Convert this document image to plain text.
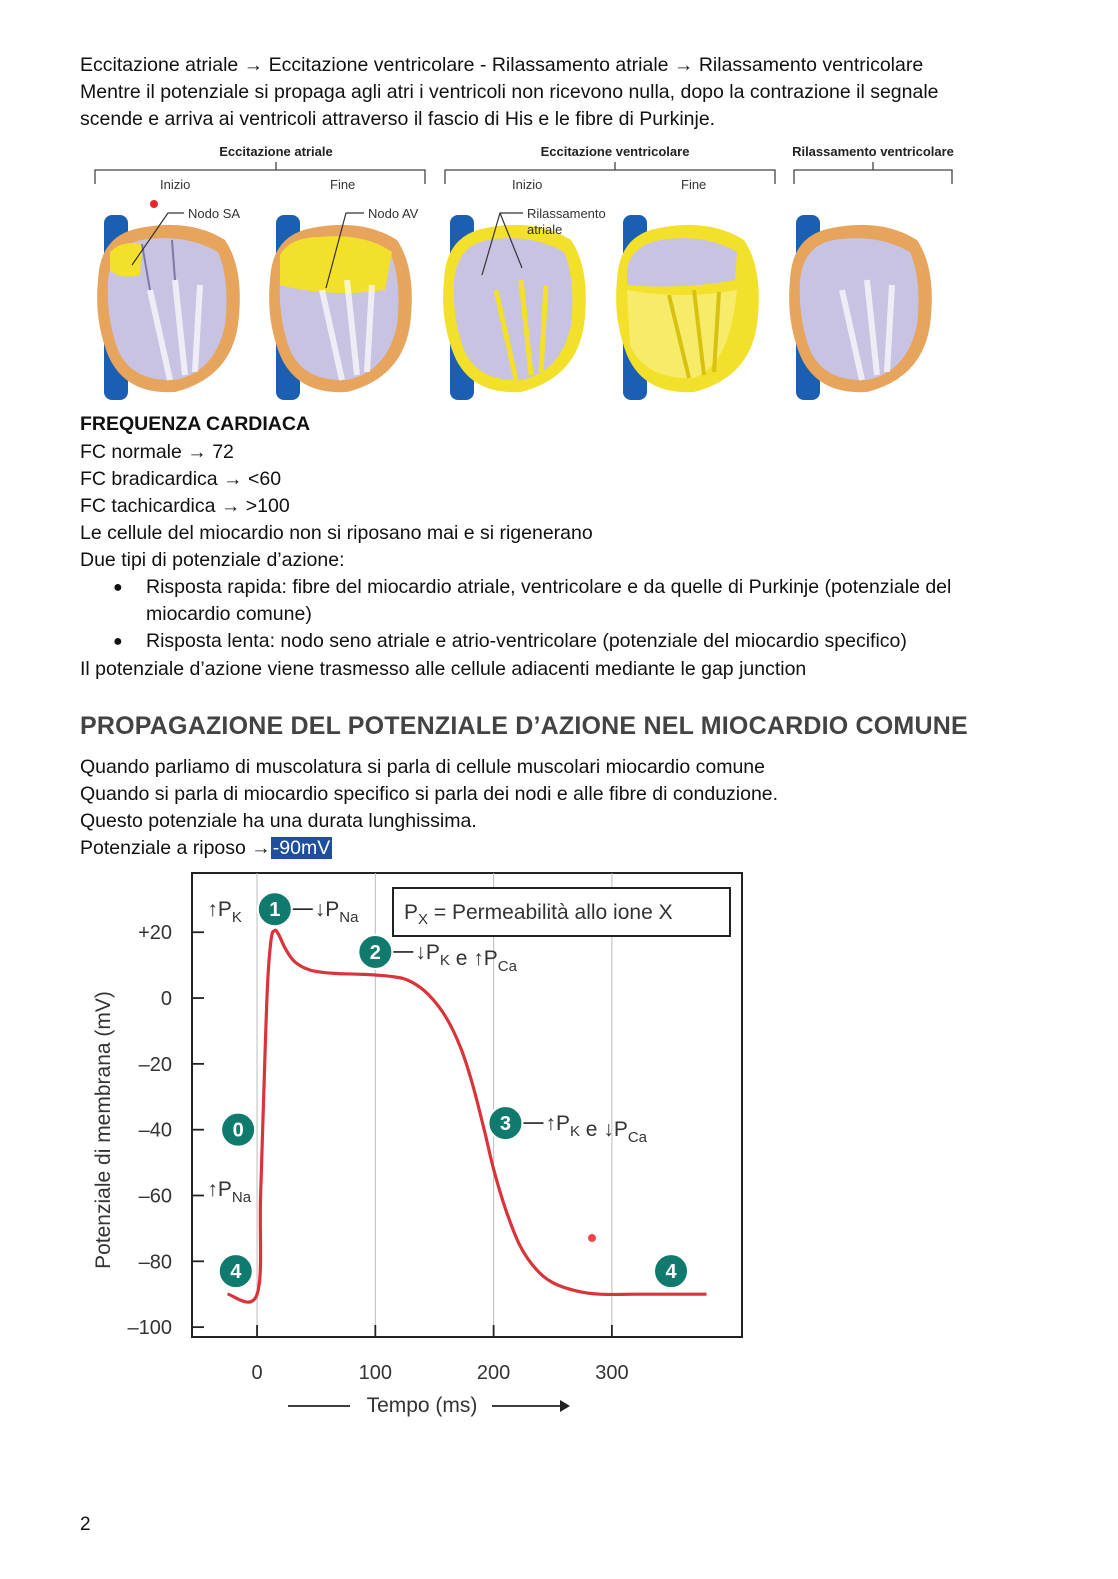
Eccitazione atriale → Eccitazione ventricolare - Rilassamento atriale → Rilassamento ventricolare
Mentre il potenziale si propaga agli atri i ventricoli non ricevono nulla, dopo la contrazione il segnale
scende e arriva ai ventricoli attraverso il fascio di His e le fibre di Purkinje.
Eccitazione atriale	Eccitazione ventricolare	Rilassamento ventricolare
Inizio	Fine	Inizio	Fine
Nodo SA	Nodo AV	Rilassamento
atriale
FREQUENZA CARDIACA
FC normale → 72
FC bradicardica → <60
FC tachicardica → >100
Le cellule del miocardio non si riposano mai e si rigenerano
Due tipi di potenziale d’azione:
● Risposta rapida: fibre del miocardio atriale, ventricolare e da quelle di Purkinje (potenziale del
miocardio comune)
● Risposta lenta: nodo seno atriale e atrio-ventricolare (potenziale del miocardio specifico)
Il potenziale d’azione viene trasmesso alle cellule adiacenti mediante le gap junction
PROPAGAZIONE DEL POTENZIALE D’AZIONE NEL MIOCARDIO COMUNE
Quando parliamo di muscolatura si parla di cellule muscolari miocardio comune
Quando si parla di miocardio specifico si parla dei nodi e alle fibre di conduzione.
Questo potenziale ha una durata lunghissima.
Potenziale a riposo → -90mV
+20
0
–20
–40
–60
–80
–100
0	100	200	300
Potenziale di membrana (mV)
Tempo (ms)
$P_X$ = Permeabilità allo ione X
0
$↓P_{Na}$
1
$↓P_K$ e $↑P_{Ca}$
2
$↑P_K$ e $↓P_{Ca}$
3
4	4
$↑P_K$
$↑P_{Na}$
2
